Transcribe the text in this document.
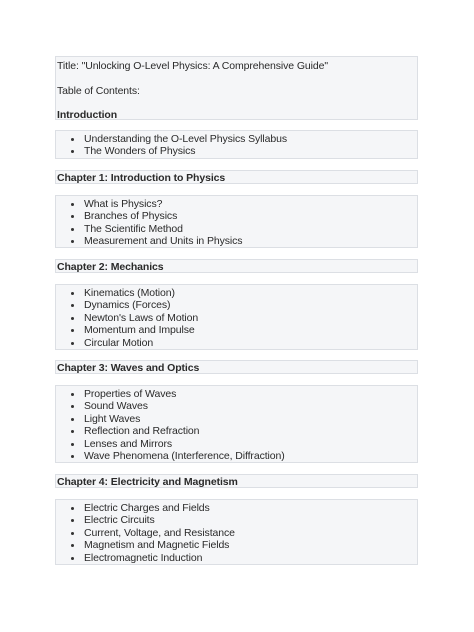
Title: "Unlocking O-Level Physics: A Comprehensive Guide"
Table of Contents:
Introduction
Understanding the O-Level Physics Syllabus
The Wonders of Physics
Chapter 1: Introduction to Physics
What is Physics?
Branches of Physics
The Scientific Method
Measurement and Units in Physics
Chapter 2: Mechanics
Kinematics (Motion)
Dynamics (Forces)
Newton's Laws of Motion
Momentum and Impulse
Circular Motion
Chapter 3: Waves and Optics
Properties of Waves
Sound Waves
Light Waves
Reflection and Refraction
Lenses and Mirrors
Wave Phenomena (Interference, Diffraction)
Chapter 4: Electricity and Magnetism
Electric Charges and Fields
Electric Circuits
Current, Voltage, and Resistance
Magnetism and Magnetic Fields
Electromagnetic Induction
